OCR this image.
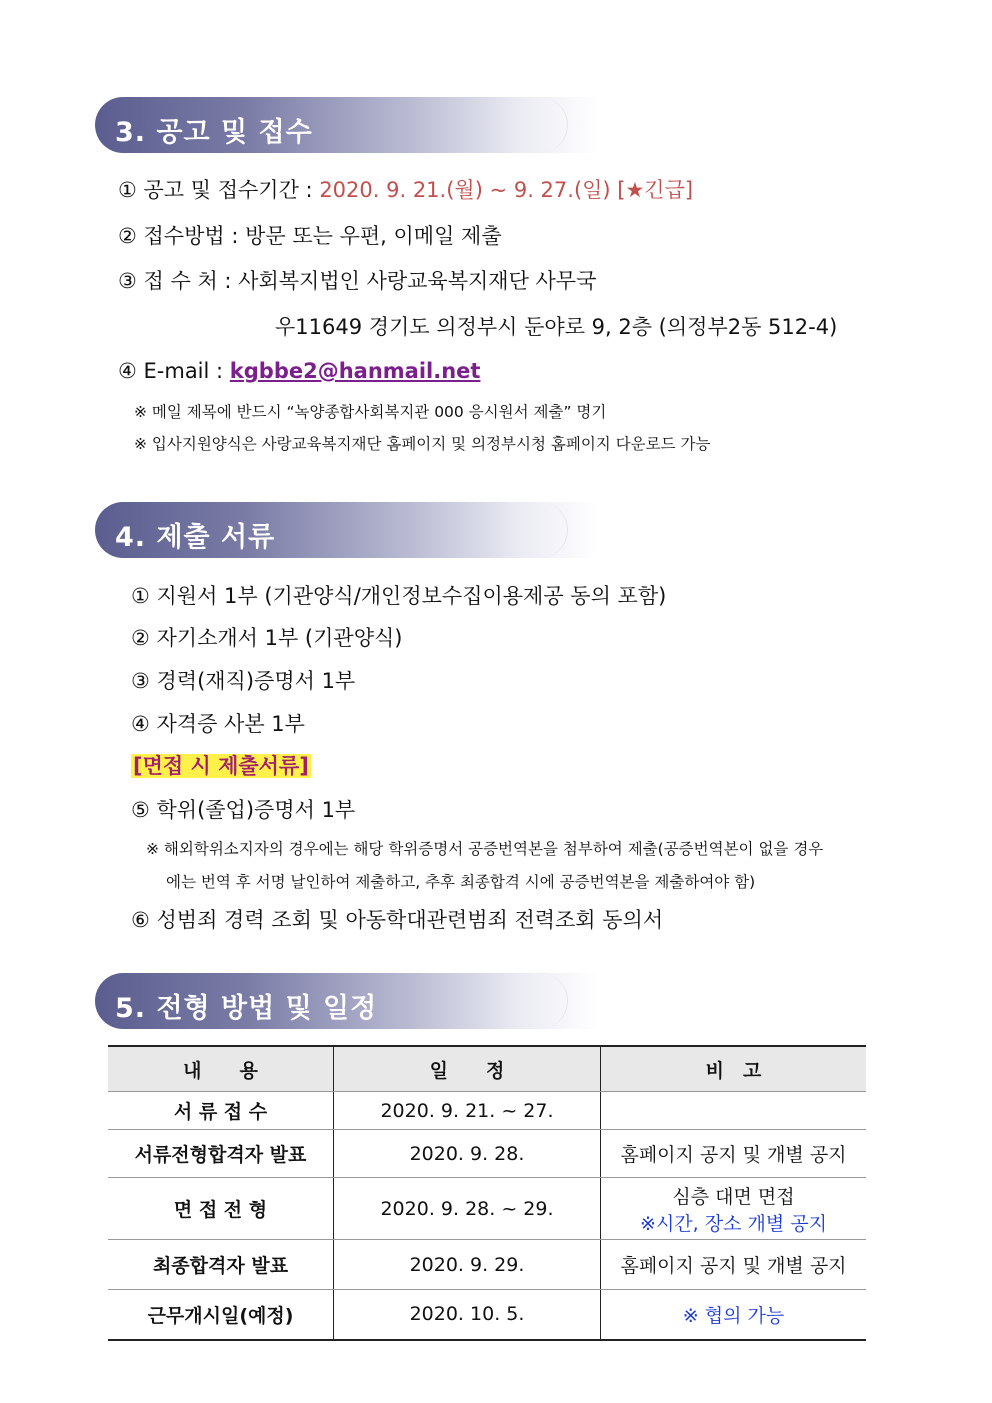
3. 공고 및 접수
① 공고 및 접수기간 : 2020. 9. 21.(월) ~ 9. 27.(일) [★긴급]
② 접수방법 : 방문 또는 우편, 이메일 제출
③ 접 수 처 : 사회복지법인 사랑교육복지재단 사무국
우11649 경기도 의정부시 둔야로 9, 2층 (의정부2동 512-4)
④ E-mail : kgbbe2@hanmail.net
※ 메일 제목에 반드시 “녹양종합사회복지관 000 응시원서 제출” 명기
※ 입사지원양식은 사랑교육복지재단 홈페이지 및 의정부시청 홈페이지 다운로드 가능
4. 제출 서류
① 지원서 1부 (기관양식/개인정보수집이용제공 동의 포함)
② 자기소개서 1부 (기관양식)
③ 경력(재직)증명서 1부
④ 자격증 사본 1부
[면접 시 제출서류]
⑤ 학위(졸업)증명서 1부
※ 해외학위소지자의 경우에는 해당 학위증명서 공증번역본을 첨부하여 제출(공증번역본이 없을 경우
에는 번역 후 서명 날인하여 제출하고, 추후 최종합격 시에 공증번역본을 제출하여야 함)
⑥ 성범죄 경력 조회 및 아동학대관련범죄 전력조회 동의서
5. 전형 방법 및 일정
내　　용	일　　정	비　고
서 류 접 수	2020. 9. 21. ~ 27.	
서류전형합격자 발표	2020. 9. 28.	홈페이지 공지 및 개별 공지
면 접 전 형	2020. 9. 28. ~ 29.	심층 대면 면접
※시간, 장소 개별 공지

최종합격자 발표	2020. 9. 29.	홈페이지 공지 및 개별 공지
근무개시일(예정)	2020. 10. 5.	※ 협의 가능
